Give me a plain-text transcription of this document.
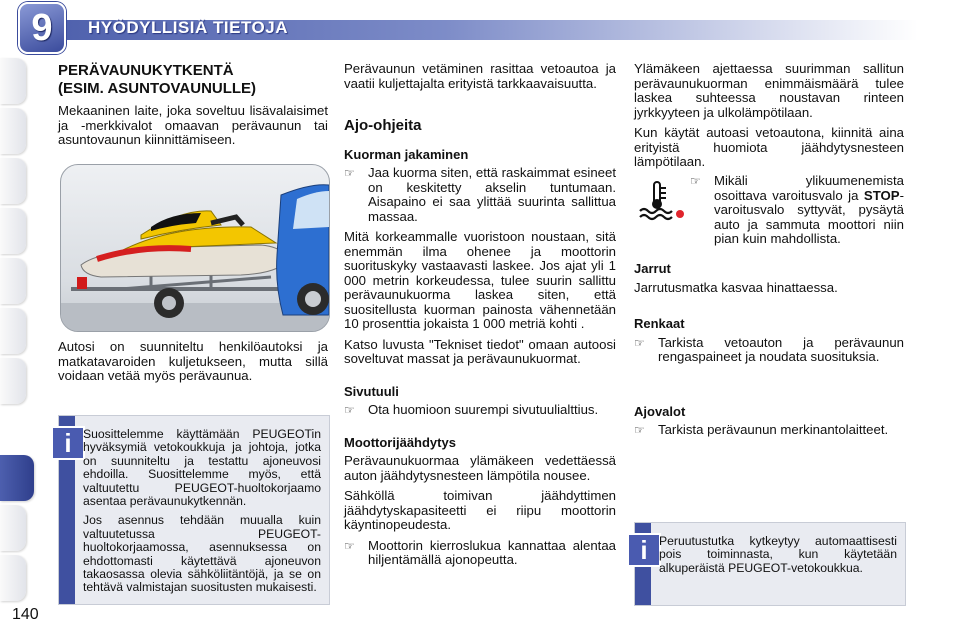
9	HYÖDYLLISIÄ TIETOJA
PERÄVAUNUKYTKENTÄ
(ESIM. ASUNTOVAUNULLE)

Mekaaninen laite, joka soveltuu lisävalaisimet ja -merkkivalot omaavan perävaunun tai asuntovaunun kiinnittämiseen.

Autosi on suunniteltu henkilöautoksi ja matkatavaroiden kuljetukseen, mutta sillä voidaan vetää myös perävaunua.

i Suosittelemme käyttämään PEUGEOTin hyväksymiä vetokoukkuja ja johtoja, jotka on suunniteltu ja testattu ajoneuvosi ehdoilla. Suosittelemme myös, että valtuutettu PEUGEOT-huoltokorjaamo asentaa perävaunukytkennän.

Jos asennus tehdään muualla kuin valtuutetussa PEUGEOT-huoltokorjaamossa, asennuksessa on ehdottomasti käytettävä ajoneuvon takaosassa olevia sähköliitäntöjä, ja se on tehtävä valmistajan suositusten mukaisesti.

Perävaunun vetäminen rasittaa vetoautoa ja vaatii kuljettajalta erityistä tarkkaavaisuutta.

Ajo-ohjeita
Kuorman jakaminen
☞ Jaa kuorma siten, että raskaimmat esineet on keskitetty akselin tuntumaan. Aisapaino ei saa ylittää suurinta sallittua massaa.

Mitä korkeammalle vuoristoon noustaan, sitä enemmän ilma ohenee ja moottorin suorituskyky vastaavasti laskee. Jos ajat yli 1 000 metrin korkeudessa, tulee suurin sallittu perävaunukuorma laskea siten, että suositellusta kuorman painosta vähennetään 10 prosenttia jokaista 1 000 metriä kohti .

Katso luvusta "Tekniset tiedot" omaan autoosi soveltuvat massat ja perävaunukuormat.

Sivutuuli
☞ Ota huomioon suurempi sivutuulialttius.
Moottorijäähdytys

Perävaunukuormaa ylämäkeen vedettäessä auton jäähdytysnesteen lämpötila nousee.

Sähköllä toimivan jäähdyttimen jäähdytyskapasiteetti ei riipu moottorin käyntinopeudesta.

☞ Moottorin kierroslukua kannattaa alentaa hiljentämällä ajonopeutta.

Ylämäkeen ajettaessa suurimman sallitun perävaunukuorman enimmäismäärä tulee laskea suhteessa noustavan rinteen jyrkkyyteen ja ulkolämpötilaan.

Kun käytät autoasi vetoautona, kiinnitä aina erityistä huomiota jäähdytysnesteen lämpötilaan.

☞ Mikäli ylikuumenemista osoittava varoitusvalo ja STOP-varoitusvalo syttyvät, pysäytä auto ja sammuta moottori niin pian kuin mahdollista.
Jarrut

Jarrutusmatka kasvaa hinattaessa.

Renkaat
☞ Tarkista vetoauton ja perävaunun rengaspaineet ja noudata suosituksia.
Ajovalot
☞ Tarkista perävaunun merkinantolaitteet.
i Peruutustutka kytkeytyy automaattisesti pois toiminnasta, kun käytetään alkuperäistä PEUGEOT-vetokoukkua.

140
